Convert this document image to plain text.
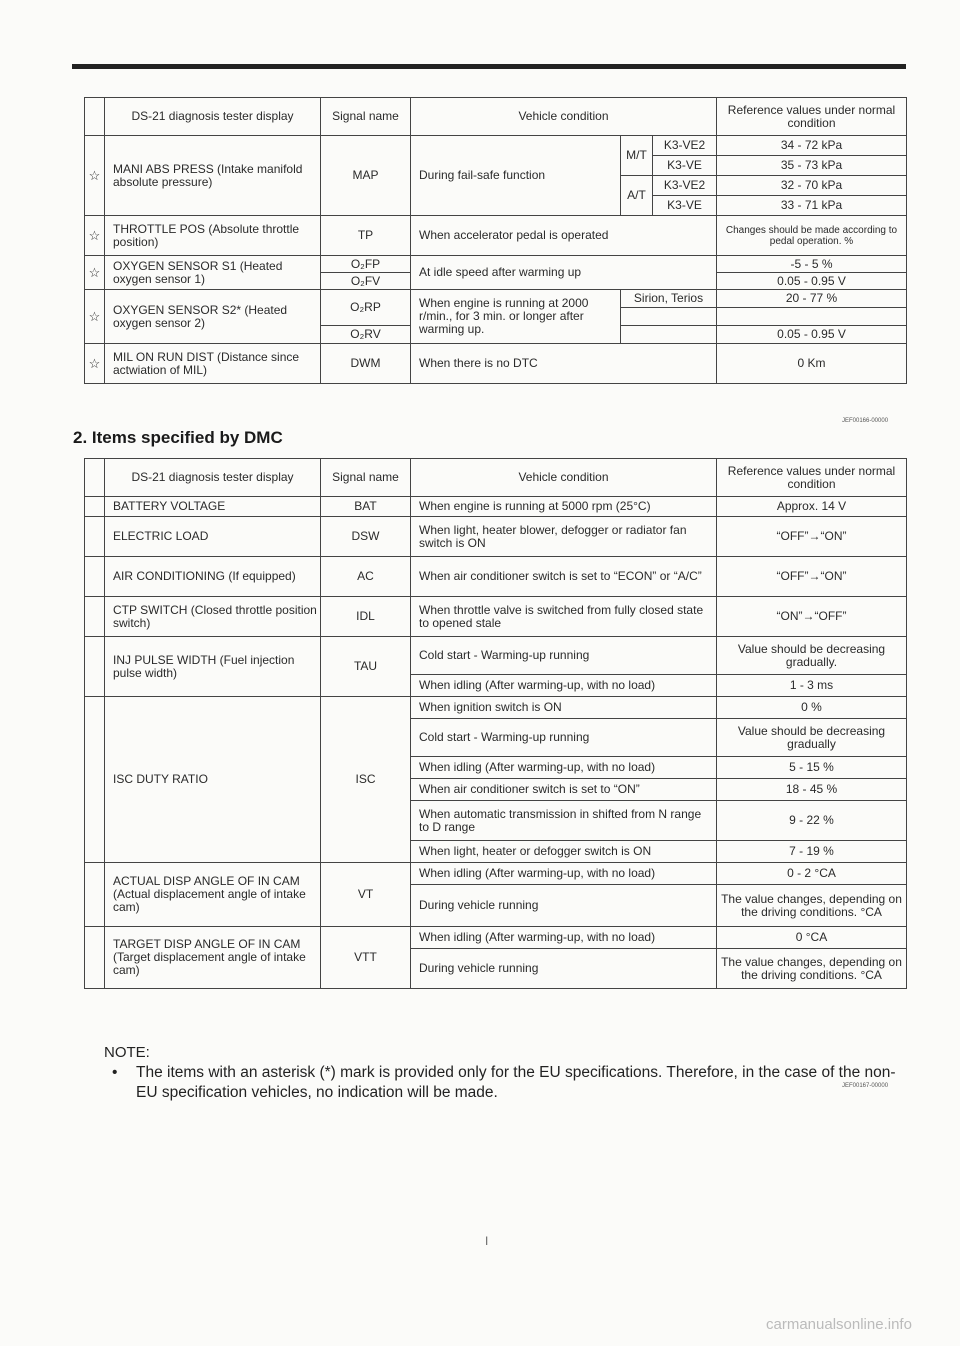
	DS-21 diagnosis tester display	Signal name	Vehicle condition			Reference values under normal condition
☆	MANI ABS PRESS (Intake manifold absolute pressure)	MAP	During fail-safe function	M/T	K3-VE2	34 - 72 kPa
					K3-VE	35 - 73 kPa
				A/T	K3-VE2	32 - 70 kPa
					K3-VE	33 - 71 kPa
☆	THROTTLE POS (Absolute throttle position)	TP	When accelerator pedal is operated			Changes should be made according to pedal operation. %
☆	OXYGEN SENSOR S1 (Heated oxygen sensor 1)	O₂FP	At idle speed after warming up			-5 - 5 %
		O₂FV				0.05 - 0.95 V
☆	OXYGEN SENSOR S2* (Heated oxygen sensor 2)	O₂RP	When engine is running at 2000 r/min., for 3 min. or longer after warming up.	Sirion, Terios		20 - 77 %

		O₂RV				0.05 - 0.95 V
☆	MIL ON RUN DIST (Distance since actwiation of MIL)	DWM	When there is no DTC			0 Km
JEF00166-00000
2. Items specified by DMC
	DS-21 diagnosis tester display	Signal name	Vehicle condition	Reference values under normal condition
	BATTERY VOLTAGE	BAT	When engine is running at 5000 rpm (25°C)	Approx. 14 V
	ELECTRIC LOAD	DSW	When light, heater blower, defogger or radiator fan switch is ON	“OFF”→“ON”
	AIR CONDITIONING (If equipped)	AC	When air conditioner switch is set to “ECON” or “A/C”	“OFF”→“ON”
	CTP SWITCH (Closed throttle position switch)	IDL	When throttle valve is switched from fully closed state to opened stale	“ON”→“OFF”
	INJ PULSE WIDTH (Fuel injection pulse width)	TAU	Cold start - Warming-up running	Value should be decreasing gradually.
			When idling (After warming-up, with no load)	1 - 3 ms
	ISC DUTY RATIO	ISC	When ignition switch is ON	0 %
			Cold start - Warming-up running	Value should be decreasing gradually
			When idling (After warming-up, with no load)	5 - 15 %
			When air conditioner switch is set to “ON”	18 - 45 %
			When automatic transmission in shifted from N range to D range	9 - 22 %
			When light, heater or defogger switch is ON	7 - 19 %
	ACTUAL DISP ANGLE OF IN CAM (Actual displacement angle of intake cam)	VT	When idling (After warming-up, with no load)	0 - 2 °CA
			During vehicle running	The value changes, depending on the driving conditions. °CA
	TARGET DISP ANGLE OF IN CAM (Target displacement angle of intake cam)	VTT	When idling (After warming-up, with no load)	0 °CA
			During vehicle running	The value changes, depending on the driving conditions. °CA
NOTE:
•	The items with an asterisk (*) mark is provided only for the EU specifications. Therefore, in the case of the non-EU specification vehicles, no indication will be made.	JEF00167-00000
I
carmanualsonline.info
